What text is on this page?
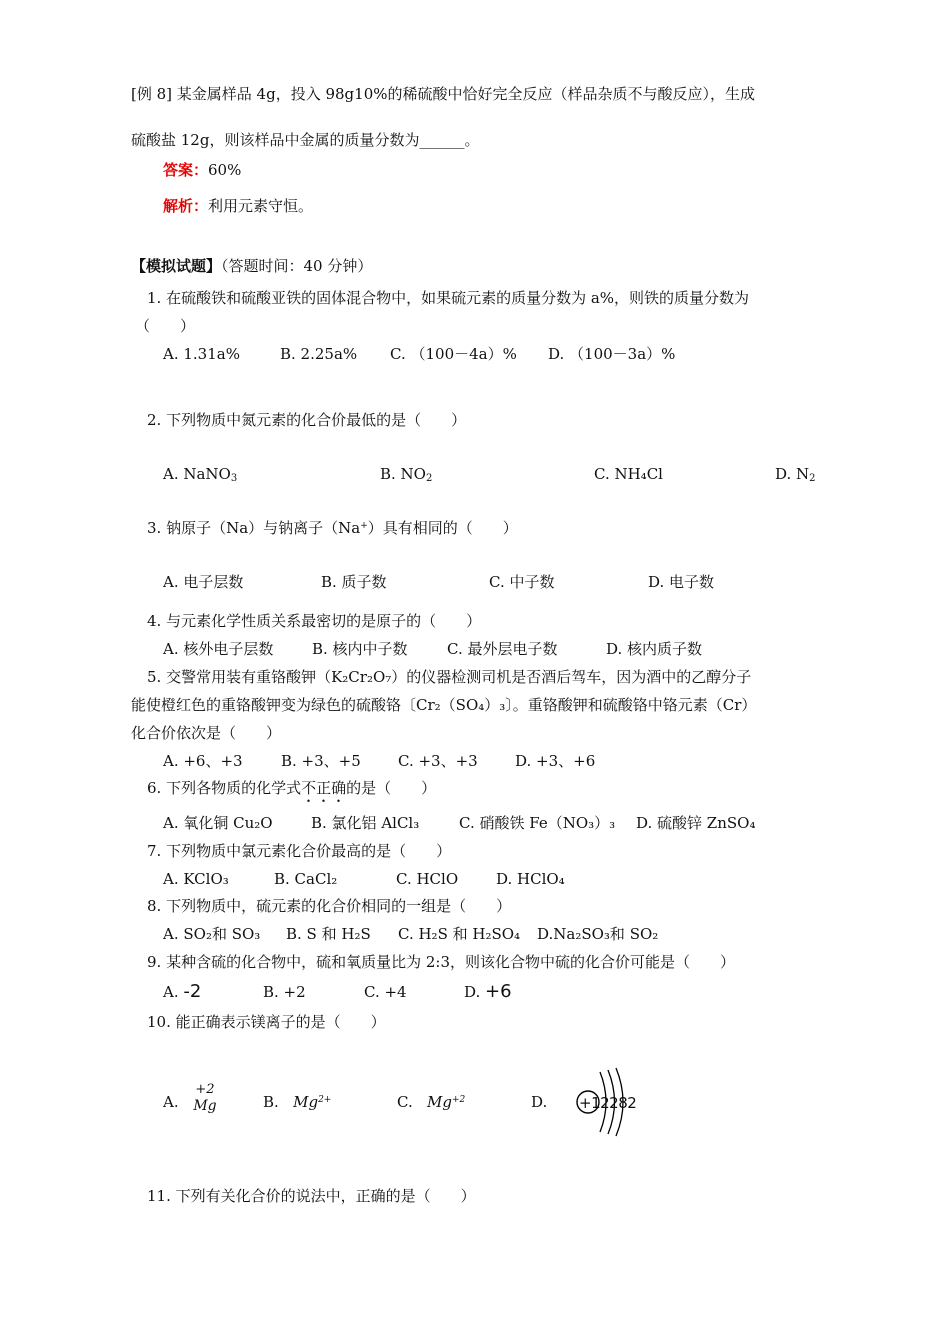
[例 8] 某金属样品 4g，投入 98g10%的稀硫酸中恰好完全反应（样品杂质不与酸反应），生成
硫酸盐 12g，则该样品中金属的质量分数为______。
答案：60%
解析：利用元素守恒。
【模拟试题】（答题时间：40 分钟）
1. 在硫酸铁和硫酸亚铁的固体混合物中，如果硫元素的质量分数为 a%，则铁的质量分数为
（　　）
A. 1.31a%	B. 2.25a% C. （100－4a）% D. （100－3a）%
2. 下列物质中氮元素的化合价最低的是（　　）
A. NaNO$_3$	B. $NO_2$	C. NH₄Cl	D. $N_2$
3. 钠原子（Na）与钠离子（Na+）具有相同的（　　）
A. 电子层数	B. 质子数	C. 中子数	D. 电子数
4. 与元素化学性质关系最密切的是原子的（　　）
A. 核外电子层数	B. 核内中子数	C. 最外层电子数	D. 核内质子数
5. 交警常用装有重铬酸钾（K₂Cr₂O₇）的仪器检测司机是否酒后驾车，因为酒中的乙醇分子
能使橙红色的重铬酸钾变为绿色的硫酸铬〔Cr₂（SO₄）₃〕。重铬酸钾和硫酸铬中铬元素（Cr）
化合价依次是（　　）
A. +6、+3	B. +3、+5 C. +3、+3 D. +3、+6
6. 下列各物质的化学式不正确的是（　　）
A. 氧化铜 Cu₂O	B. 氯化铝 AlCl₃	C. 硝酸铁 Fe（NO₃）₃ D. 硫酸锌 ZnSO₄
7. 下列物质中氯元素化合价最高的是（　　）
A. KClO₃	B. CaCl₂	C. HClO	D. HClO₄
8. 下列物质中，硫元素的化合价相同的一组是（　　）
A. SO₂和 SO₃ B. S 和 H₂S C. H₂S 和 H₂SO₄ D.Na₂SO₃和 SO₂
9. 某种含硫的化合物中，硫和氧质量比为 2:3，则该化合物中硫的化合价可能是（　　）
A. -2	B. +2	C. +4	D. +6
10. 能正确表示镁离子的是（　　）
A.
+2
Mg	B. $Mg^{2+}$	C. $Mg^{+2}$	D. +12282
11. 下列有关化合价的说法中，正确的是（　　）
